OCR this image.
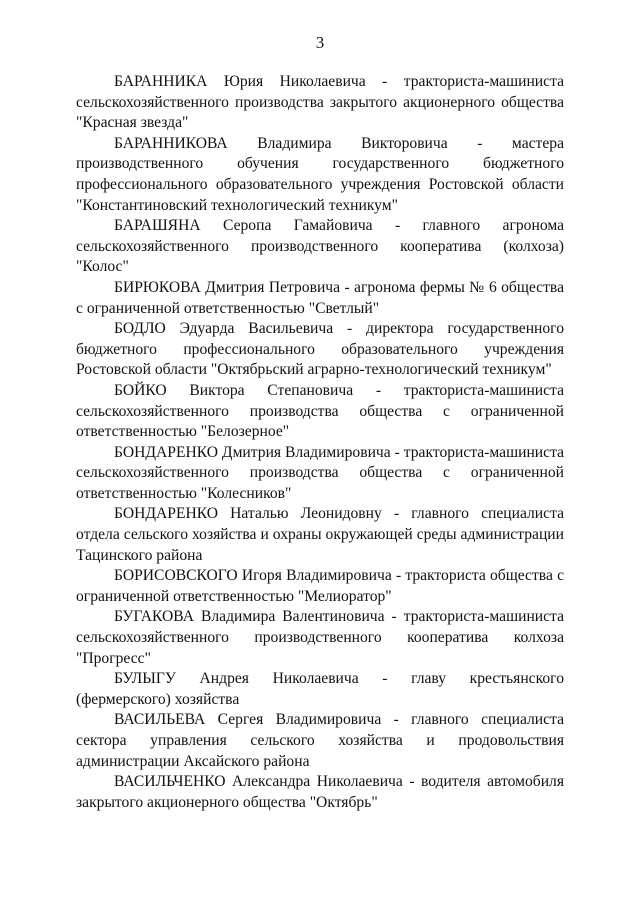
3

БАРАННИКА Юрия Николаевича - тракториста-машиниста сельскохозяйственного производства закрытого акционерного общества "Красная звезда"

БАРАННИКОВА Владимира Викторовича - мастера производственного обучения государственного бюджетного профессионального образовательного учреждения Ростовской области "Константиновский технологический техникум"

БАРАШЯНА Серопа Гамайовича - главного агронома сельскохозяйственного производственного кооператива (колхоза) "Колос"

БИРЮКОВА Дмитрия Петровича - агронома фермы № 6 общества с ограниченной ответственностью "Светлый"

БОДЛО Эдуарда Васильевича - директора государственного бюджетного профессионального образовательного учреждения Ростовской области "Октябрьский аграрно-технологический техникум"

БОЙКО Виктора Степановича - тракториста-машиниста сельскохозяйственного производства общества с ограниченной ответственностью "Белозерное"

БОНДАРЕНКО Дмитрия Владимировича - тракториста-машиниста сельскохозяйственного производства общества с ограниченной ответственностью "Колесников"

БОНДАРЕНКО Наталью Леонидовну - главного специалиста отдела сельского хозяйства и охраны окружающей среды администрации Тацинского района

БОРИСОВСКОГО Игоря Владимировича - тракториста общества с ограниченной ответственностью "Мелиоратор"

БУГАКОВА Владимира Валентиновича - тракториста-машиниста сельскохозяйственного производственного кооператива колхоза "Прогресс"

БУЛЫГУ Андрея Николаевича - главу крестьянского (фермерского) хозяйства

ВАСИЛЬЕВА Сергея Владимировича - главного специалиста сектора управления сельского хозяйства и продовольствия администрации Аксайского района

ВАСИЛЬЧЕНКО Александра Николаевича - водителя автомобиля закрытого акционерного общества "Октябрь"
